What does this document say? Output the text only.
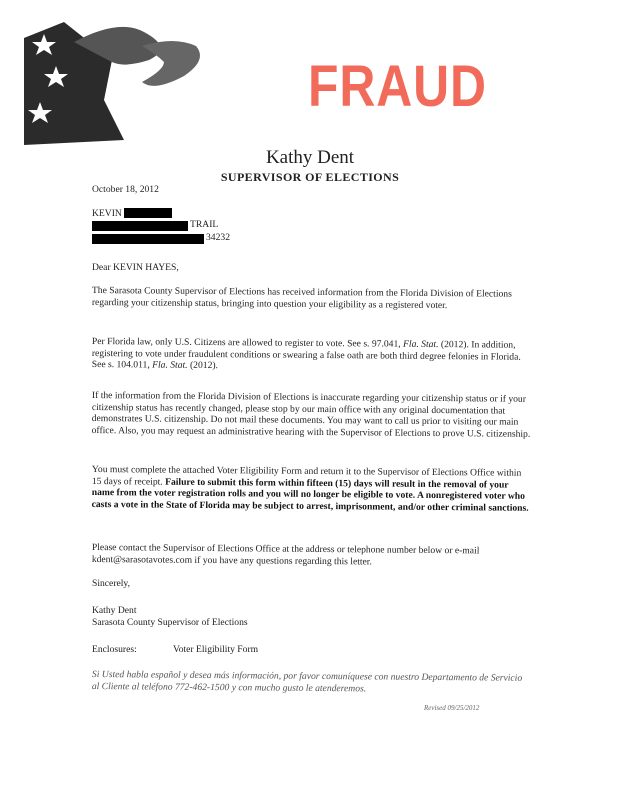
FRAUD
Kathy Dent
SUPERVISOR OF ELECTIONS
October 18, 2012
KEVIN
TRAIL
34232
Dear KEVIN HAYES,
The Sarasota County Supervisor of Elections has received information from the Florida Division of Elections regarding your citizenship status, bringing into question your eligibility as a registered voter.
Per Florida law, only U.S. Citizens are allowed to register to vote. See s. 97.041, Fla. Stat. (2012). In addition, registering to vote under fraudulent conditions or swearing a false oath are both third degree felonies in Florida. See s. 104.011, Fla. Stat. (2012).
If the information from the Florida Division of Elections is inaccurate regarding your citizenship status or if your citizenship status has recently changed, please stop by our main office with any original documentation that demonstrates U.S. citizenship. Do not mail these documents. You may want to call us prior to visiting our main office. Also, you may request an administrative hearing with the Supervisor of Elections to prove U.S. citizenship.
You must complete the attached Voter Eligibility Form and return it to the Supervisor of Elections Office within 15 days of receipt. Failure to submit this form within fifteen (15) days will result in the removal of your name from the voter registration rolls and you will no longer be eligible to vote. A nonregistered voter who casts a vote in the State of Florida may be subject to arrest, imprisonment, and/or other criminal sanctions.
Please contact the Supervisor of Elections Office at the address or telephone number below or e-mail kdent@sarasotavotes.com if you have any questions regarding this letter.
Sincerely,
Kathy Dent
Sarasota County Supervisor of Elections
Enclosures:	Voter Eligibility Form
Si Usted habla español y desea más información, por favor comuníquese con nuestro Departamento de Servicio al Cliente al teléfono 772-462-1500 y con mucho gusto le atenderemos.
Revised 09/25/2012
